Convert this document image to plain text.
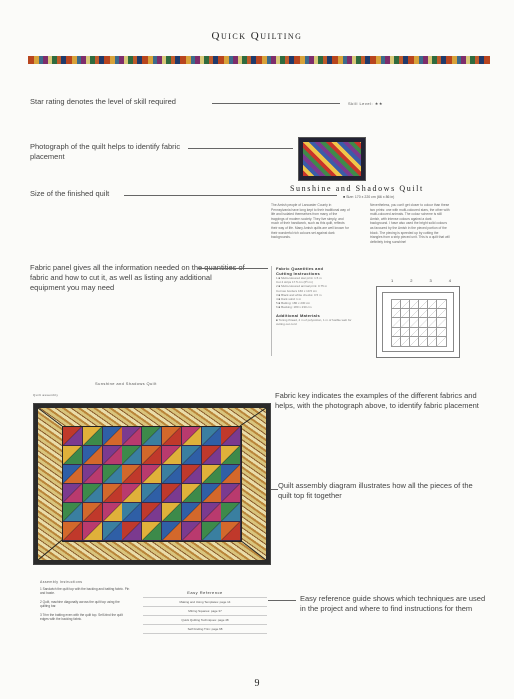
Quick Quilting
Star rating denotes the level of skill required	Skill Level: ★★
Photograph of the quilt helps to identify fabric placement
Size of the finished quilt
Sunshine and Shadows Quilt
■ Size: 170 x 220 cm (66 x 86 in)
The Amish people of Lancaster County in Pennsylvania have long kept to their traditional way of life and isolated themselves from many of the trappings of modern society. They live simply, and much of their handiwork, such as this quilt, reflects their way of life. Many Amish quilts are well known for their wonderful rich colours set against dark backgrounds.
Nevertheless, you can't get closer to colour than these two prints: one with multi-coloured stars, the other with multi-coloured animals. The colour scheme is still Amish, with intense colours against a dark background. I have also used the bright solid colours as favoured by the Amish in the pieced portion of the block. The piecing is speeded up by cutting the triangles from a strip pieced unit. This is a quilt that will definitely bring sunshine!
Fabric panel gives all the information needed on the quantities of fabric and how to cut it, as well as listing any additional equipment you may need
Fabric Quantities and
Cutting Instructions
1 ■ Multi-coloured star print: 1.5 m
Cut 4 strips 17.5 cm (6½ in)
2 ■ Multi-coloured animal print: 0.75 m
Cut two borders 160 x 10.5 cm
3 ■ Black and white checks: 0.5 m
4 ■ Dark solid: 1 m
5 ■ Batting: 180 x 230 cm
6 ■ Backing: 180 x 230 cm
Additional Materials
■ Toning thread, 4 m of polycotton, 1 m of fusible web for cutting out cord
1	2	3	4
Sunshine and Shadows Quilt
Quilt assembly	Fabric key indicates the examples of the different fabrics and helps, with the photograph above, to identify fabric placement
Quilt assembly diagram illustrates how all the pieces of the quilt top fit together
Assembly Instructions
1 Sandwich the quilt top with the backing and batting fabric. Pin and baste.
2 Quilt, machine diagonally across the quilt top using the quilting bar.
3 Trim the batting even with the quilt top. Self-bind the quilt edges with the backing fabric.
Easy Reference
Making and Using Templates: page 14
Mitring Squares: page 37
Quick Quilting Techniques: page 48
Self binding Trim: page 68
Easy reference guide shows which techniques are used in the project and where to find instructions for them
9
